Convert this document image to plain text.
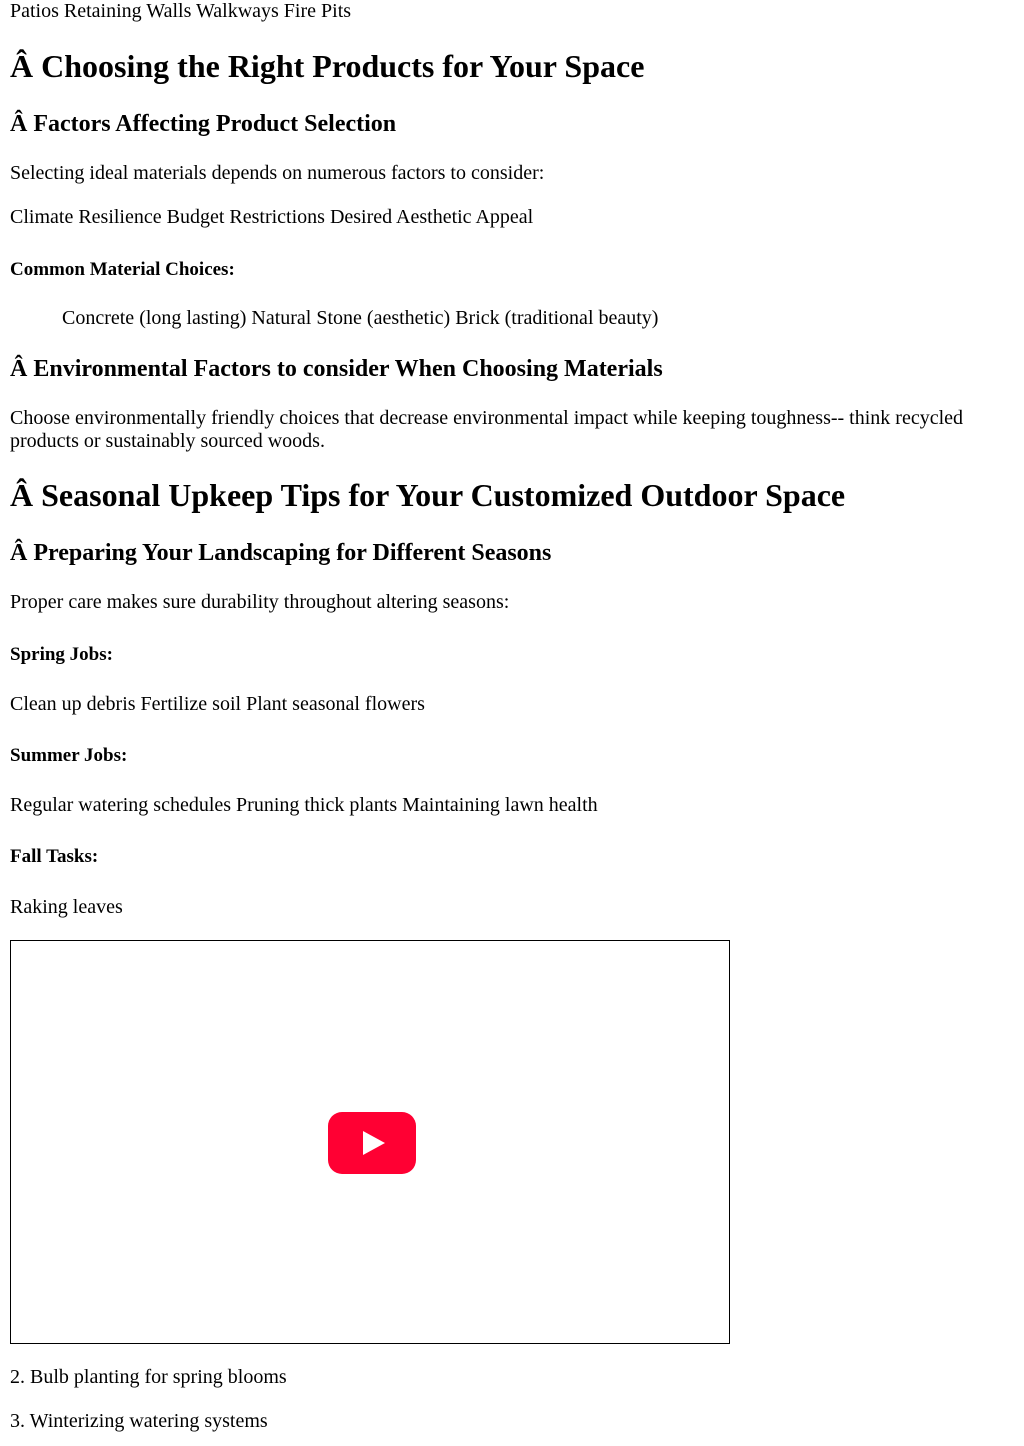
Patios Retaining Walls Walkways Fire Pits

Â Choosing the Right Products for Your Space
Â Factors Affecting Product Selection

Selecting ideal materials depends on numerous factors to consider:

Climate Resilience Budget Restrictions Desired Aesthetic Appeal

Common Material Choices:

Concrete (long lasting) Natural Stone (aesthetic) Brick (traditional beauty)

Â Environmental Factors to consider When Choosing Materials

Choose environmentally friendly choices that decrease environmental impact while keeping toughness-- think recycled products or sustainably sourced woods.

Â Seasonal Upkeep Tips for Your Customized Outdoor Space
Â Preparing Your Landscaping for Different Seasons

Proper care makes sure durability throughout altering seasons:

Spring Jobs:

Clean up debris Fertilize soil Plant seasonal flowers

Summer Jobs:

Regular watering schedules Pruning thick plants Maintaining lawn health

Fall Tasks:

Raking leaves

2. Bulb planting for spring blooms

3. Winterizing watering systems
